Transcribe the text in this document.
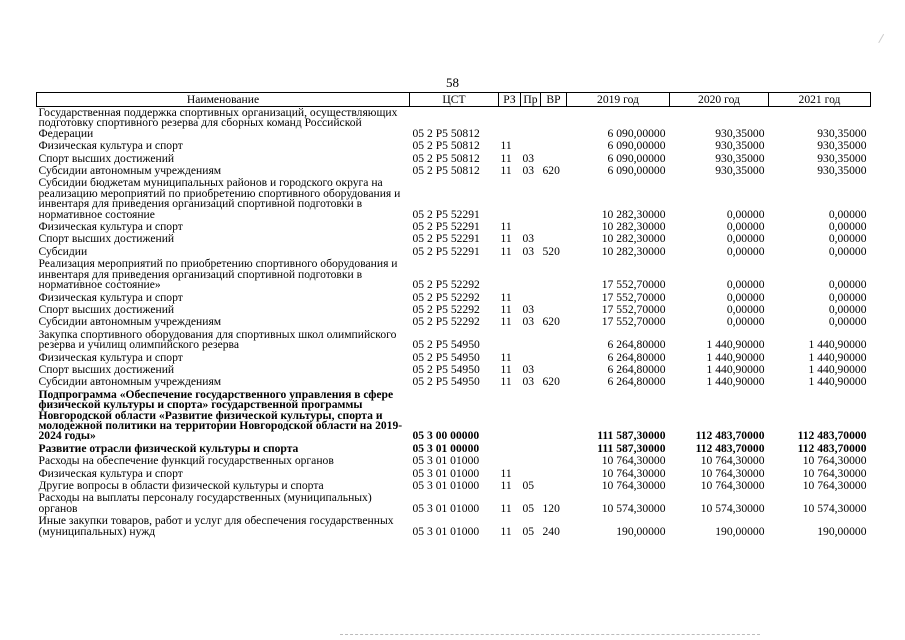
58
Наименование	ЦСТ	РЗ	Пр	ВР	2019 год	2020 год	2021 год
Государственная поддержка спортивных организаций, осуществляющих подготовку спортивного резерва для сборных команд Российской Федерации	05 2 P5 50812				6 090,00000	930,35000	930,35000
Физическая культура и спорт	05 2 P5 50812	11			6 090,00000	930,35000	930,35000
Спорт высших достижений	05 2 P5 50812	11	03		6 090,00000	930,35000	930,35000
Субсидии автономным учреждениям	05 2 P5 50812	11	03	620	6 090,00000	930,35000	930,35000
Субсидии бюджетам муниципальных районов и городского округа на реализацию мероприятий по приобретению спортивного оборудования и инвентаря для приведения организаций спортивной подготовки в нормативное состояние	05 2 P5 52291				10 282,30000	0,00000	0,00000
Физическая культура и спорт	05 2 P5 52291	11			10 282,30000	0,00000	0,00000
Спорт высших достижений	05 2 P5 52291	11	03		10 282,30000	0,00000	0,00000
Субсидии	05 2 P5 52291	11	03	520	10 282,30000	0,00000	0,00000
Реализация мероприятий по приобретению спортивного оборудования и инвентаря для приведения организаций спортивной подготовки в нормативное состояние»	05 2 P5 52292				17 552,70000	0,00000	0,00000
Физическая культура и спорт	05 2 P5 52292	11			17 552,70000	0,00000	0,00000
Спорт высших достижений	05 2 P5 52292	11	03		17 552,70000	0,00000	0,00000
Субсидии автономным учреждениям	05 2 P5 52292	11	03	620	17 552,70000	0,00000	0,00000
Закупка спортивного оборудования для спортивных школ олимпийского резерва и училищ олимпийского резерва	05 2 P5 54950				6 264,80000	1 440,90000	1 440,90000
Физическая культура и спорт	05 2 P5 54950	11			6 264,80000	1 440,90000	1 440,90000
Спорт высших достижений	05 2 P5 54950	11	03		6 264,80000	1 440,90000	1 440,90000
Субсидии автономным учреждениям	05 2 P5 54950	11	03	620	6 264,80000	1 440,90000	1 440,90000
Подпрограмма «Обеспечение государственного управления в сфере физической культуры и спорта» государственной программы Новгородской области «Развитие физической культуры, спорта и молодежной политики на территории Новгородской области на 2019-2024 годы»	05 3 00 00000				111 587,30000	112 483,70000	112 483,70000
Развитие отрасли физической культуры и спорта	05 3 01 00000				111 587,30000	112 483,70000	112 483,70000
Расходы на обеспечение функций государственных органов	05 3 01 01000				10 764,30000	10 764,30000	10 764,30000
Физическая культура и спорт	05 3 01 01000	11			10 764,30000	10 764,30000	10 764,30000
Другие вопросы в области физической культуры и спорта	05 3 01 01000	11	05		10 764,30000	10 764,30000	10 764,30000
Расходы на выплаты персоналу государственных (муниципальных) органов	05 3 01 01000	11	05	120	10 574,30000	10 574,30000	10 574,30000
Иные закупки товаров, работ и услуг для обеспечения государственных (муниципальных) нужд	05 3 01 01000	11	05	240	190,00000	190,00000	190,00000
